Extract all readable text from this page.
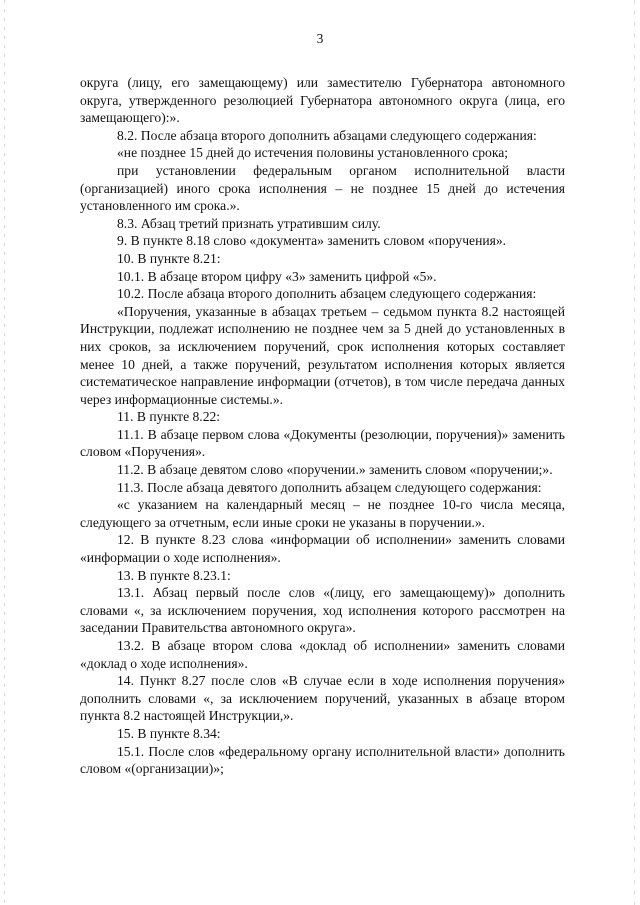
3

округа (лицу, его замещающему) или заместителю Губернатора автономного округа, утвержденного резолюцией Губернатора автономного округа (лица, его замещающего):».

8.2. После абзаца второго дополнить абзацами следующего содержания:

«не позднее 15 дней до истечения половины установленного срока;

при установлении федеральным органом исполнительной власти (организацией) иного срока исполнения – не позднее 15 дней до истечения установленного им срока.».

8.3. Абзац третий признать утратившим силу.

9. В пункте 8.18 слово «документа» заменить словом «поручения».

10. В пункте 8.21:

10.1. В абзаце втором цифру «3» заменить цифрой «5».

10.2. После абзаца второго дополнить абзацем следующего содержания:

«Поручения, указанные в абзацах третьем – седьмом пункта 8.2 настоящей Инструкции, подлежат исполнению не позднее чем за 5 дней до установленных в них сроков, за исключением поручений, срок исполнения которых составляет менее 10 дней, а также поручений, результатом исполнения которых является систематическое направление информации (отчетов), в том числе передача данных через информационные системы.».

11. В пункте 8.22:

11.1. В абзаце первом слова «Документы (резолюции, поручения)» заменить словом «Поручения».

11.2. В абзаце девятом слово «поручении.» заменить словом «поручении;».

11.3. После абзаца девятого дополнить абзацем следующего содержания:

«с указанием на календарный месяц – не позднее 10-го числа месяца, следующего за отчетным, если иные сроки не указаны в поручении.».

12. В пункте 8.23 слова «информации об исполнении» заменить словами «информации о ходе исполнения».

13. В пункте 8.23.1:

13.1. Абзац первый после слов «(лицу, его замещающему)» дополнить словами «, за исключением поручения, ход исполнения которого рассмотрен на заседании Правительства автономного округа».

13.2. В абзаце втором слова «доклад об исполнении» заменить словами «доклад о ходе исполнения».

14. Пункт 8.27 после слов «В случае если в ходе исполнения поручения» дополнить словами «, за исключением поручений, указанных в абзаце втором пункта 8.2 настоящей Инструкции,».

15. В пункте 8.34:

15.1. После слов «федеральному органу исполнительной власти» дополнить словом «(организации)»;
